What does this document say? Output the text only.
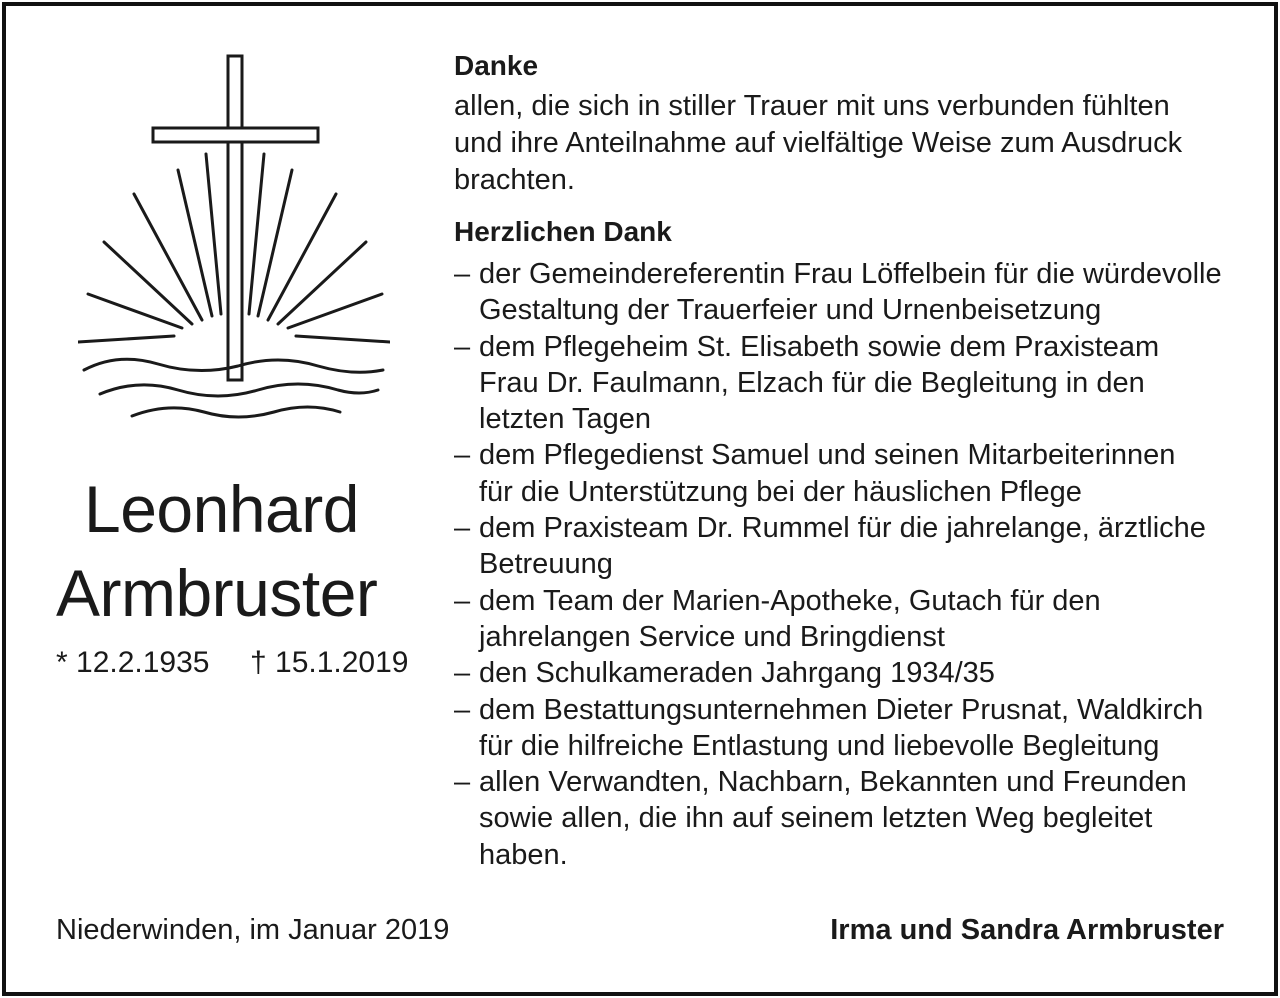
Leonhard
Armbruster
* 12.2.1935 † 15.1.2019
Danke
allen, die sich in stiller Trauer mit uns verbunden fühlten
und ihre Anteilnahme auf vielfältige Weise zum Ausdruck
brachten.
Herzlichen Dank
– der Gemeindereferentin Frau Löffelbein für die würdevolle
Gestaltung der Trauerfeier und Urnenbeisetzung
– dem Pflegeheim St. Elisabeth sowie dem Praxisteam
Frau Dr. Faulmann, Elzach für die Begleitung in den
letzten Tagen
– dem Pflegedienst Samuel und seinen Mitarbeiterinnen
für die Unterstützung bei der häuslichen Pflege
– dem Praxisteam Dr. Rummel für die jahrelange, ärztliche
Betreuung
– dem Team der Marien-Apotheke, Gutach für den
jahrelangen Service und Bringdienst
– den Schulkameraden Jahrgang 1934/35
– dem Bestattungsunternehmen Dieter Prusnat, Waldkirch
für die hilfreiche Entlastung und liebevolle Begleitung
– allen Verwandten, Nachbarn, Bekannten und Freunden
sowie allen, die ihn auf seinem letzten Weg begleitet
haben.
Niederwinden, im Januar 2019	Irma und Sandra Armbruster
